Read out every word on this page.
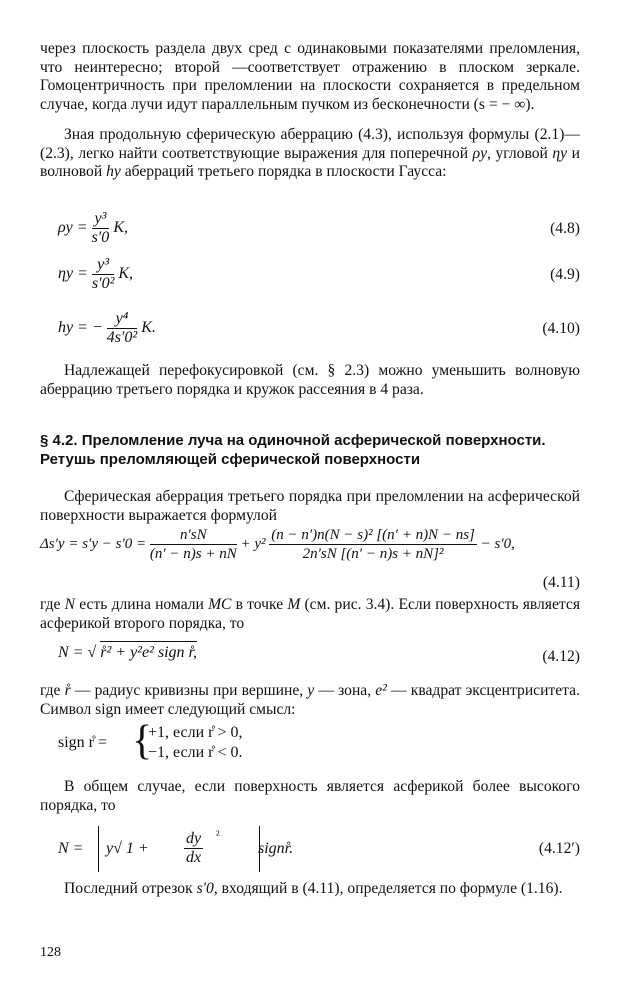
через плоскость раздела двух сред с одинаковыми показателями преломления, что неинтересно; второй —соответствует отражению в плоском зеркале. Гомоцентричность при преломлении на плоскости сохраняется в предельном случае, когда лучи идут параллельным пучком из бесконечности (s = − ∞).

Зная продольную сферическую аберрацию (4.3), используя формулы (2.1)—(2.3), легко найти соответствующие выражения для поперечной ρy, угловой ηy и волновой hy аберраций третьего порядка в плоскости Гаусса:

$\rho y = \frac{\text{y³}}{s'0} K$,	(4.8)
$\eta y = \frac{\text{y³}}{\text{s′0²}} K$,	(4.9)
hy = − $\frac{\text{y⁴}}{\text{4s′0²}} K$.	(4.10)

Надлежащей перефокусировкой (см. § 2.3) можно уменьшить волновую аберрацию третьего порядка и кружок рассеяния в 4 раза.

§ 4.2. Преломление луча на одиночной асферической поверхности. Ретушь преломляющей сферической поверхности

Сферическая аберрация третьего порядка при преломлении на асферической поверхности выражается формулой

$\Delta s'y = s'y - s'0 = \frac{n'sN}{(n' - n)s + nN} + y^2 \frac{\text{(n − n′)n(N − s)² [(n′ + n)N − ns]}}{\text{2n′sN [(n′ − n)s + nN]²}} - s'0$,
(4.11)

где N есть длина номали MC в точке M (см. рис. 3.4). Если поверхность является асферикой второго порядка, то

N = √ r̊² + y²e² sign r̊,	(4.12)

где r̊ — радиус кривизны при вершине, y — зона, e² — квадрат эксцентриситета. Символ sign имеет следующий смысл:

sign r̊ = {
+1, если r̊ > 0,
−1, если r̊ < 0.

В общем случае, если поверхность является асферикой более высокого порядка, то

N = y√ $1 + \frac{dy}{dx} ^2$
signr̊.	(4.12′)

Последний отрезок s′0, входящий в (4.11), определяется по формуле (1.16).

128
